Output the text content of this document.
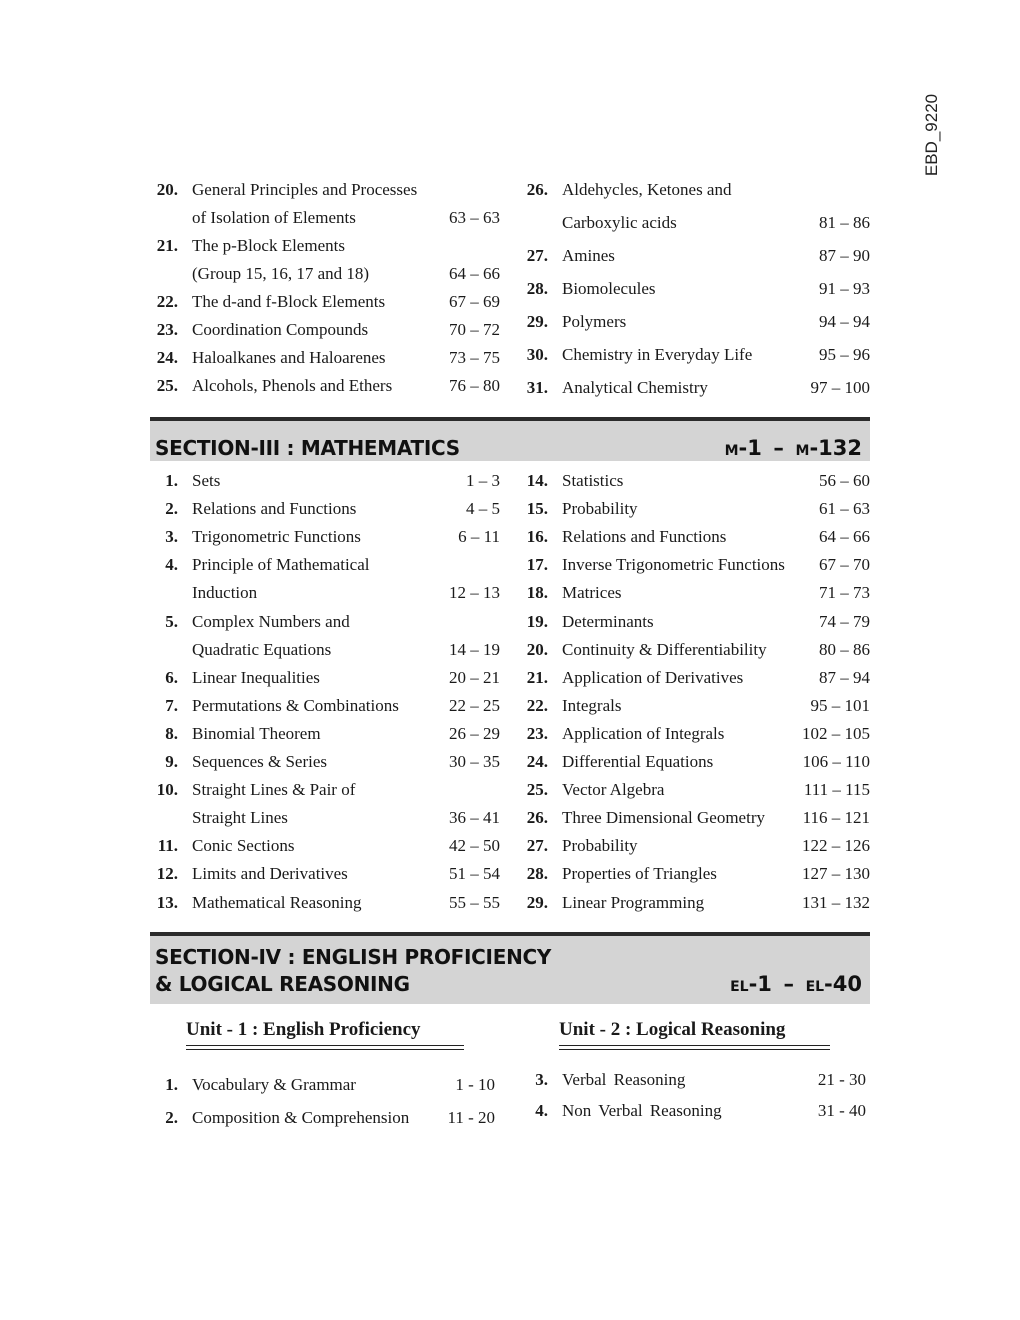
EBD_9220
20. General Principles and Processes
of Isolation of Elements	63 – 63
21. The p-Block Elements
(Group 15, 16, 17 and 18)	64 – 66
22. The d-and f-Block Elements	67 – 69
23. Coordination Compounds	70 – 72
24. Haloalkanes and Haloarenes	73 – 75
25. Alcohols, Phenols and Ethers	76 – 80
26. Aldehycles, Ketones and
Carboxylic acids	81 – 86
27. Amines	87 – 90
28. Biomolecules	91 – 93
29. Polymers	94 – 94
30. Chemistry in Everyday Life	95 – 96
31. Analytical Chemistry	97 – 100
SECTION-III : MATHEMATICS	M-1 – M-132
1. Sets	1 – 3
2. Relations and Functions	4 – 5
3. Trigonometric Functions	6 – 11
4. Principle of Mathematical
Induction	12 – 13
5. Complex Numbers and
Quadratic Equations	14 – 19
6. Linear Inequalities	20 – 21
7. Permutations & Combinations	22 – 25
8. Binomial Theorem	26 – 29
9. Sequences & Series	30 – 35
10. Straight Lines & Pair of
Straight Lines	36 – 41
11. Conic Sections	42 – 50
12. Limits and Derivatives	51 – 54
13. Mathematical Reasoning	55 – 55
14. Statistics	56 – 60
15. Probability	61 – 63
16. Relations and Functions	64 – 66
17. Inverse Trigonometric Functions 67 – 70
18. Matrices	71 – 73
19. Determinants	74 – 79
20. Continuity & Differentiability	80 – 86
21. Application of Derivatives	87 – 94
22. Integrals	95 – 101
23. Application of Integrals	102 – 105
24. Differential Equations	106 – 110
25. Vector Algebra	111 – 115
26. Three Dimensional Geometry 116 – 121
27. Probability	122 – 126
28. Properties of Triangles	127 – 130
29. Linear Programming	131 – 132
SECTION-IV : ENGLISH PROFICIENCY
& LOGICAL REASONING	EL-1 – EL-40
Unit - 1 : English Proficiency	Unit - 2 : Logical Reasoning
1. Vocabulary & Grammar	1 - 10
2. Composition & Comprehension 11 - 20
3. Verbal Reasoning	21 - 30
4. Non Verbal Reasoning	31 - 40
